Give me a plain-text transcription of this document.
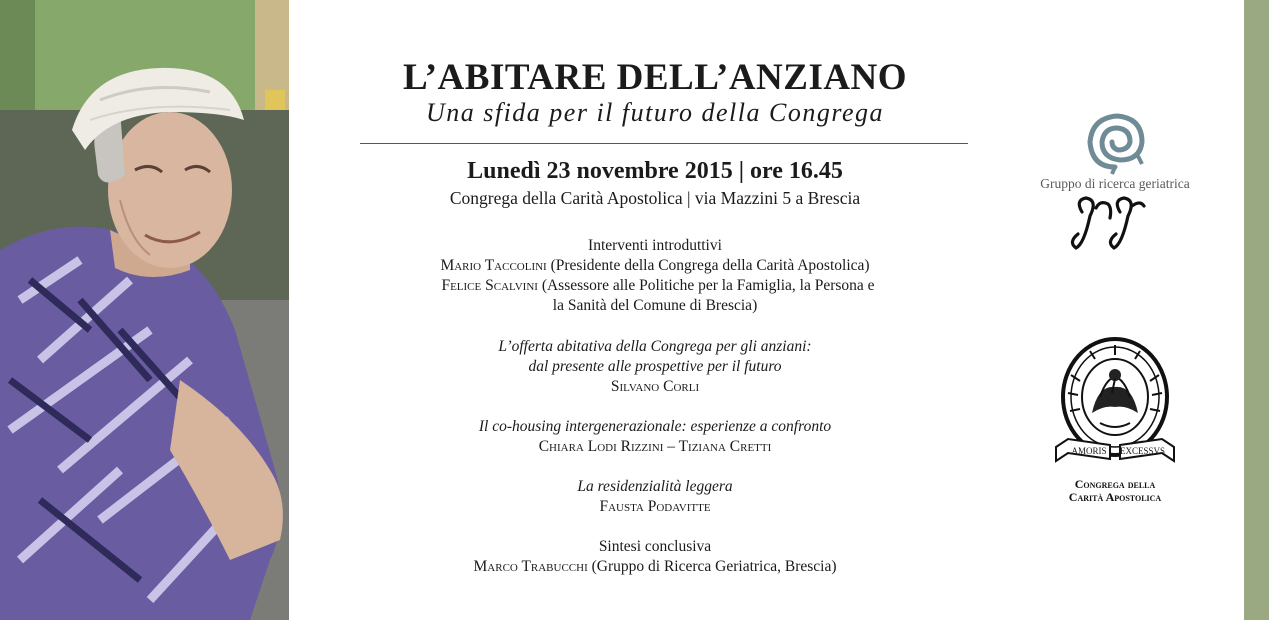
L’ABITARE DELL’ANZIANO
Una sfida per il futuro della Congrega
Lunedì 23 novembre 2015 | ore 16.45
Congrega della Carità Apostolica | via Mazzini 5 a Brescia
Interventi introduttivi
Mario Taccolini (Presidente della Congrega della Carità Apostolica)
Felice Scalvini (Assessore alle Politiche per la Famiglia, la Persona e
la Sanità del Comune di Brescia)
L’offerta abitativa della Congrega per gli anziani:
dal presente alle prospettive per il futuro
Silvano Corli
Il co-housing intergenerazionale: esperienze a confronto
Chiara Lodi Rizzini – Tiziana Cretti
La residenzialità leggera
Fausta Podavitte
Sintesi conclusiva
Marco Trabucchi (Gruppo di Ricerca Geriatrica, Brescia)
Gruppo di ricerca geriatrica
AMORIS	EXCESSVS
Congrega della
Carità Apostolica
